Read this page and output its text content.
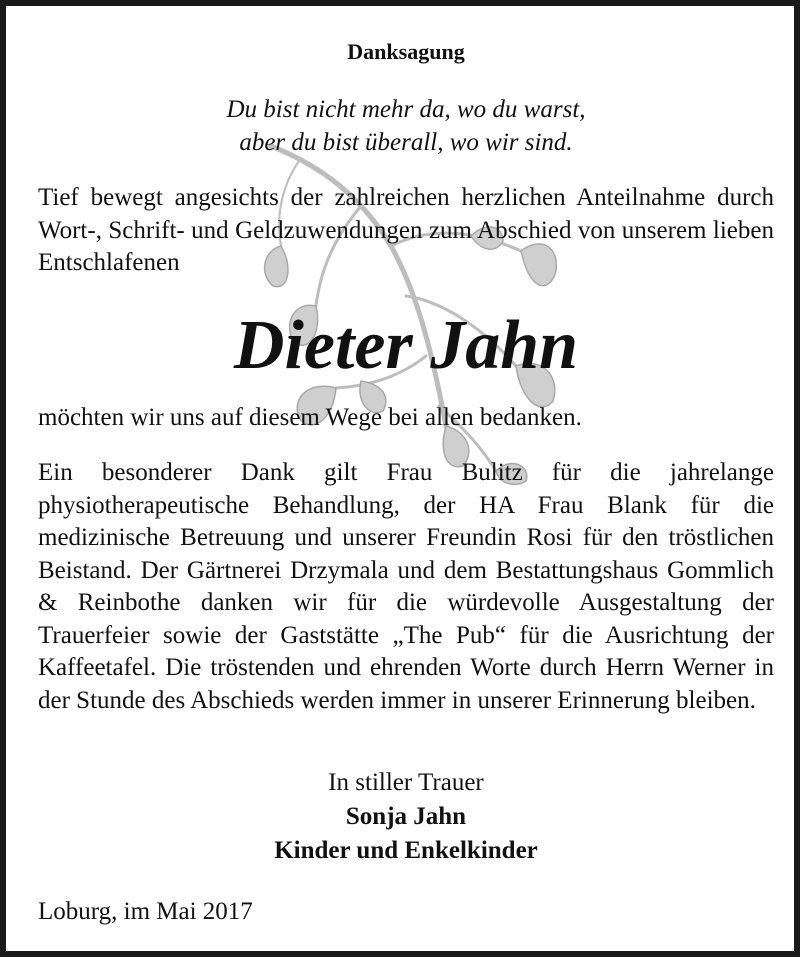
Danksagung
Du bist nicht mehr da, wo du warst,
aber du bist überall, wo wir sind.
Tief bewegt angesichts der zahlreichen herzlichen Anteilnahme durch Wort-, Schrift- und Geldzuwendungen zum Abschied von unserem lieben Entschlafenen
Dieter Jahn
möchten wir uns auf diesem Wege bei allen bedanken.
Ein besonderer Dank gilt Frau Bulitz für die jahrelange physiotherapeutische Behandlung, der HA Frau Blank für die medizinische Betreuung und unserer Freundin Rosi für den tröstlichen Beistand. Der Gärtnerei Drzymala und dem Bestattungshaus Gommlich & Reinbothe danken wir für die würdevolle Ausgestaltung der Trauerfeier sowie der Gaststätte „The Pub“ für die Ausrichtung der Kaffeetafel. Die tröstenden und ehrenden Worte durch Herrn Werner in der Stunde des Abschieds werden immer in unserer Erinnerung bleiben.
In stiller Trauer
Sonja Jahn
Kinder und Enkelkinder
Loburg, im Mai 2017
